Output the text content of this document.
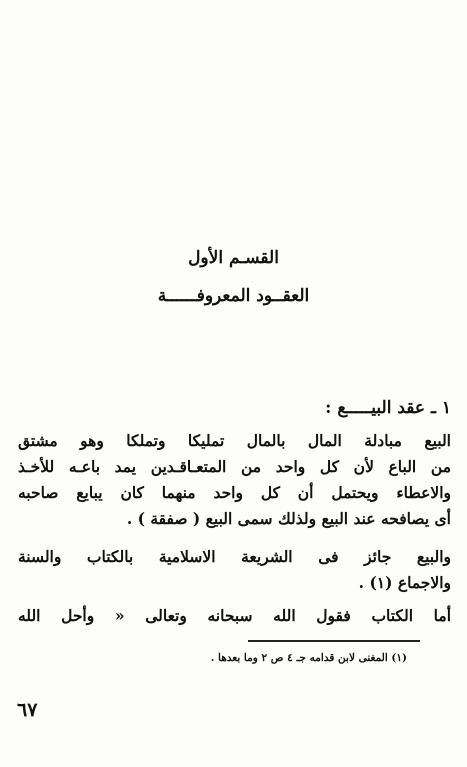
القسـم الأول
العقــود المعروفــــــة
١ ـ عقد البيـــــع :
البيع مبادلة المال بالمال تمليكا وتملكا وهو مشتق
من الباع لأن كل واحد من المتعـاقـدين يمد باعـه للأخـذ
والاعطاء ويحتمل أن كل واحد منهما كان يبايع صاحبه
أى يصافحه عند البيع ولذلك سمى البيع ( صفقة ) .
والبيع جائز فى الشريعة الاسلامية بالكتاب والسنة
والاجماع (١) .
أما الكتاب فقول الله سبحانه وتعالى « وأحل الله
(١) المغنى لابن قدامه جـ ٤ ص ٢ وما بعدها .
٦٧
